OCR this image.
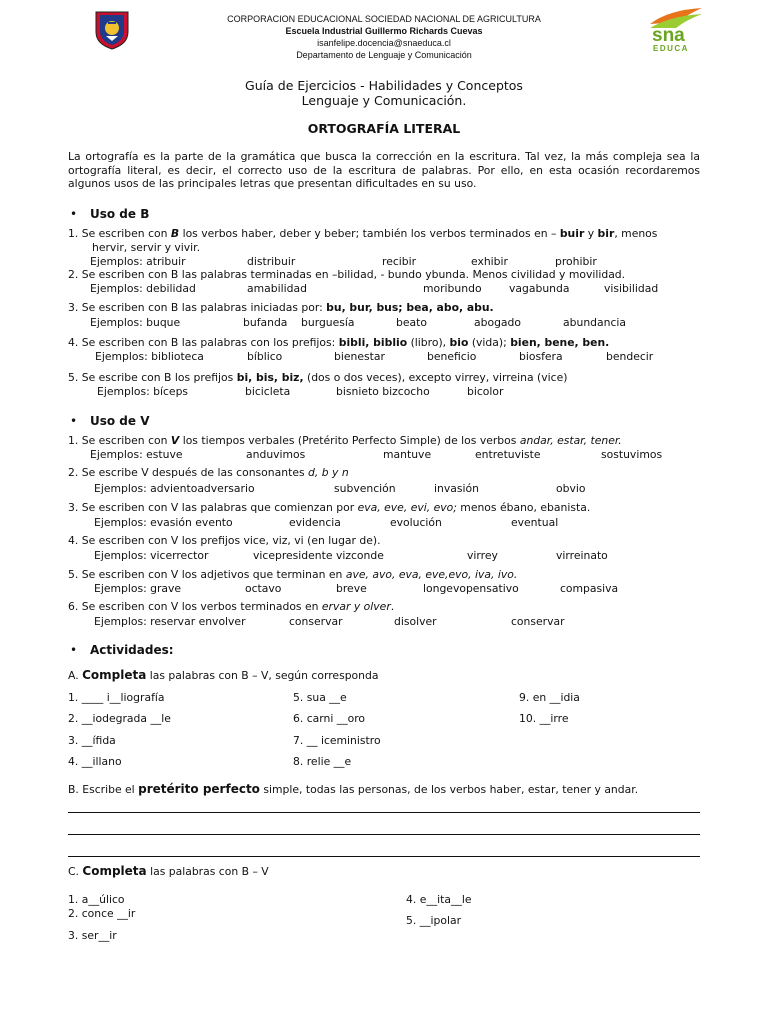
CORPORACION EDUCACIONAL SOCIEDAD NACIONAL DE AGRICULTURA
Escuela Industrial Guillermo Richards Cuevas
isanfelipe.docencia@snaeduca.cl
Departamento de Lenguaje y Comunicación
sna
EDUCA
Guía de Ejercicios - Habilidades y Conceptos
Lenguaje y Comunicación.
ORTOGRAFÍA LITERAL
La ortografía es la parte de la gramática que busca la corrección en la escritura. Tal vez, la más compleja sea la ortografía literal, es decir, el correcto uso de la escritura de palabras. Por ello, en esta ocasión recordaremos algunos usos de las principales letras que presentan dificultades en su uso.
• Uso de B
1. Se escriben con B los verbos haber, deber y beber; también los verbos terminados en – buir y bir, menos
hervir, servir y vivir.
Ejemplos: atribuir	distribuir	recibir	exhibir	prohibir
2. Se escriben con B las palabras terminadas en –bilidad, - bundo ybunda. Menos civilidad y movilidad.
Ejemplos: debilidad	amabilidad	moribundo	vagabunda	visibilidad
3. Se escriben con B las palabras iniciadas por: bu, bur, bus; bea, abo, abu.
Ejemplos: buque	bufanda burguesía	beato	abogado	abundancia
4. Se escriben con B las palabras con los prefijos: bibli, biblio (libro), bio (vida); bien, bene, ben.
Ejemplos: biblioteca	bíblico	bienestar	beneficio	biosfera	bendecir
5. Se escribe con B los prefijos bi, bis, biz, (dos o dos veces), excepto virrey, virreina (vice)
Ejemplos: bíceps	bicicleta	bisnieto bizcocho	bicolor
• Uso de V
1. Se escriben con V los tiempos verbales (Pretérito Perfecto Simple) de los verbos andar, estar, tener.
Ejemplos: estuve	anduvimos	mantuve	entretuviste	sostuvimos
2. Se escribe V después de las consonantes d, b y n
Ejemplos: advientoadversario	subvención	invasión	obvio
3. Se escriben con V las palabras que comienzan por eva, eve, evi, evo; menos ébano, ebanista.
Ejemplos: evasión evento	evidencia	evolución	eventual
4. Se escriben con V los prefijos vice, viz, vi (en lugar de).
Ejemplos: vicerrector	vicepresidente vizconde	virrey	virreinato
5. Se escriben con V los adjetivos que terminan en ave, avo, eva, eve,evo, iva, ivo.
Ejemplos: grave	octavo	breve	longevopensativo	compasiva
6. Se escriben con V los verbos terminados en ervar y olver.
Ejemplos: reservar envolver	conservar	disolver	conservar
• Actividades:
A. Completa las palabras con B – V, según corresponda
1. ____ i__liografía
2. __iodegrada __le
3. __ífida
4. __illano
5. sua __e
6. carni __oro
7. __ iceministro
8. relie __e
9. en __idia
10. __irre
B. Escribe el pretérito perfecto simple, todas las personas, de los verbos haber, estar, tener y andar.
C. Completa las palabras con B – V
1. a__úlico
2. conce __ir
3. ser__ir
4. e__ita__le
5. __ipolar
